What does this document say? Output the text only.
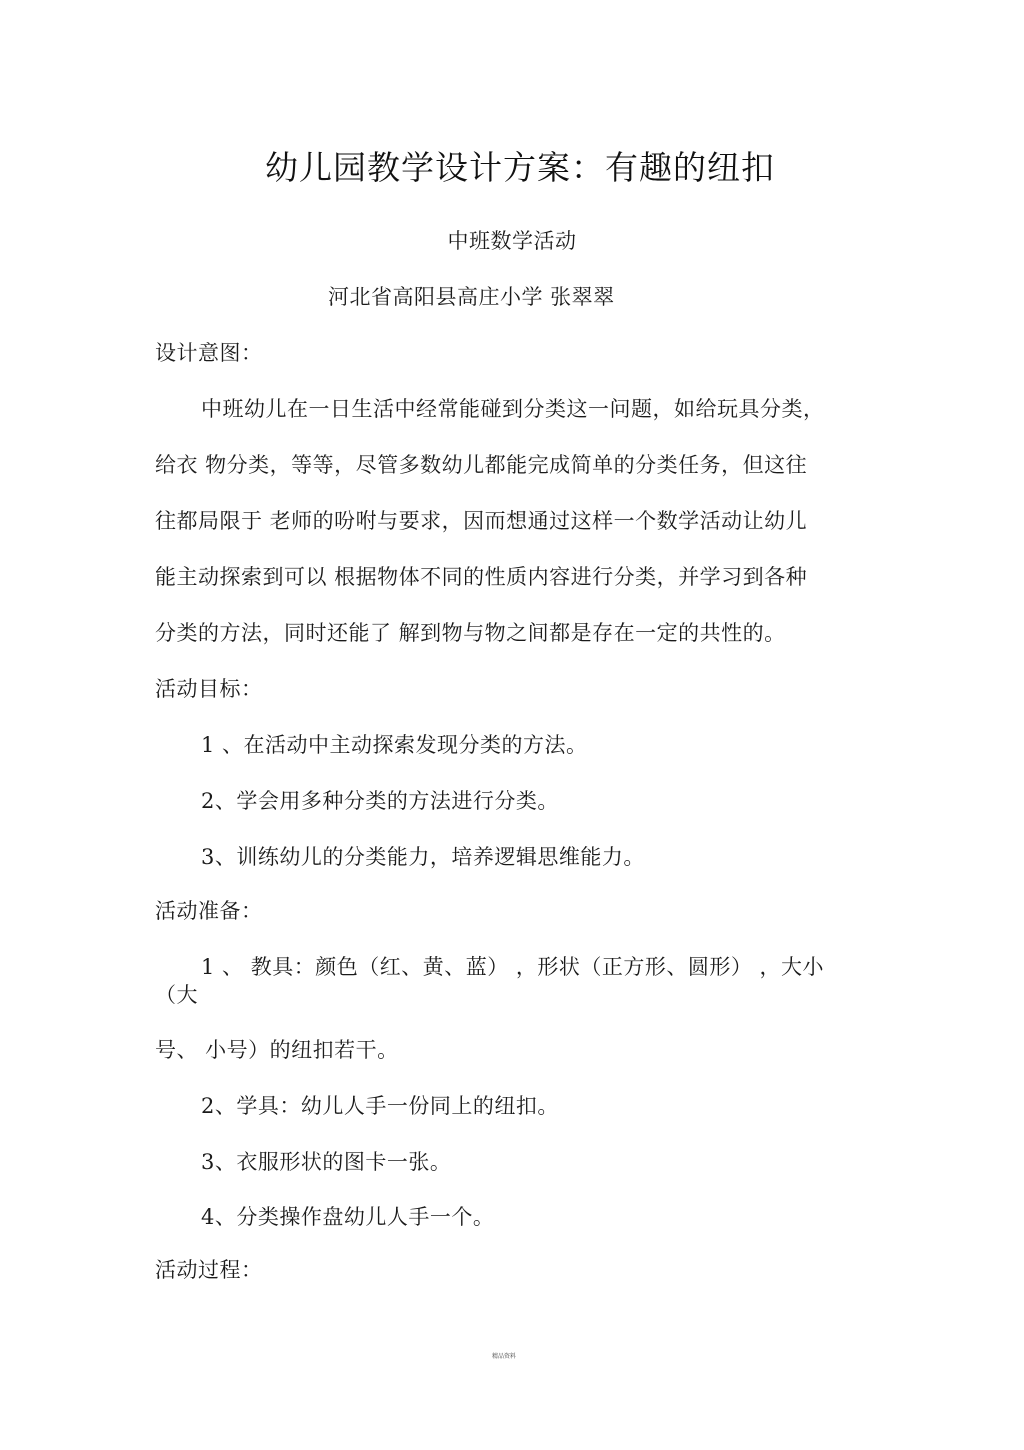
幼儿园教学设计方案：有趣的纽扣
中班数学活动
河北省高阳县高庄小学 张翠翠
设计意图：
中班幼儿在一日生活中经常能碰到分类这一问题，如给玩具分类，
给衣 物分类，等等，尽管多数幼儿都能完成简单的分类任务，但这往
往都局限于 老师的吩咐与要求，因而想通过这样一个数学活动让幼儿
能主动探索到可以 根据物体不同的性质内容进行分类，并学习到各种
分类的方法，同时还能了 解到物与物之间都是存在一定的共性的。
活动目标：
1 、在活动中主动探索发现分类的方法。
2、学会用多种分类的方法进行分类。
3、训练幼儿的分类能力，培养逻辑思维能力。
活动准备：
1 、 教具：颜色（红、黄、蓝） ，形状（正方形、圆形） ，大小
（大
号、 小号）的纽扣若干。
2、学具：幼儿人手一份同上的纽扣。
3、衣服形状的图卡一张。
4、分类操作盘幼儿人手一个。
活动过程：
精品资料
